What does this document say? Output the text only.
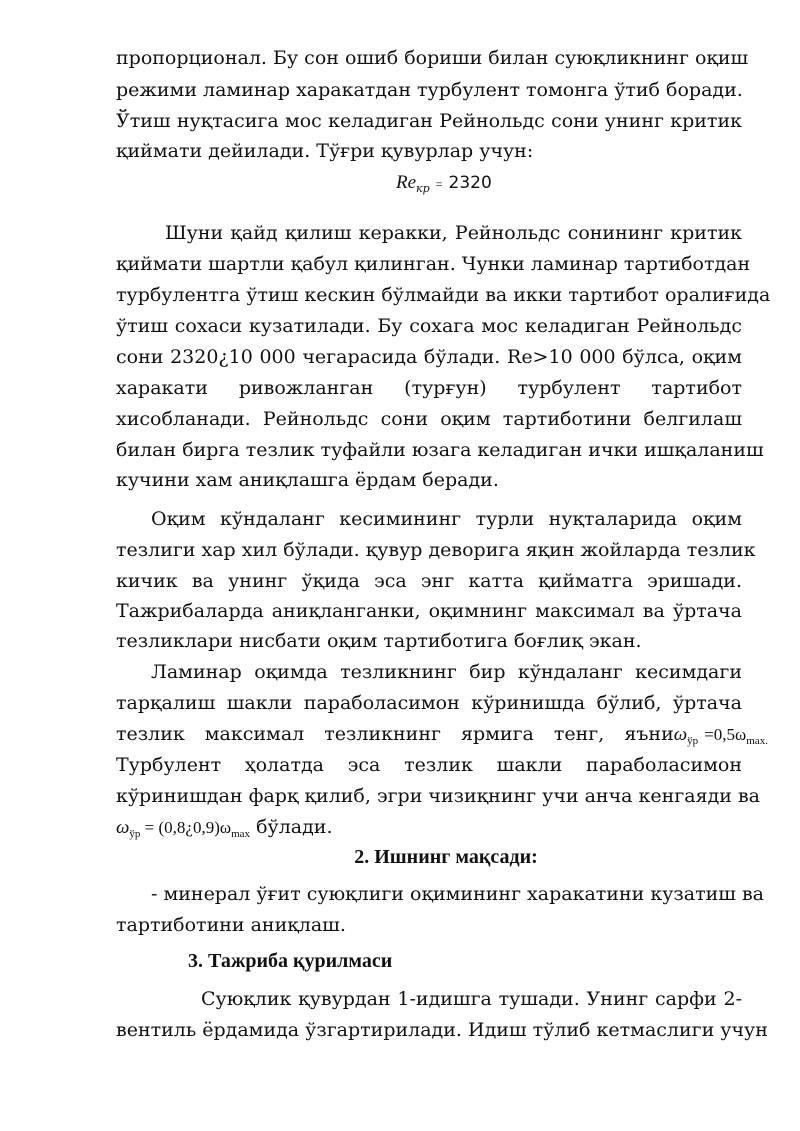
пропорционал. Бу сон ошиб бориши билан суюқликнинг оқиш
режими ламинар харакатдан турбулент томонга ўтиб боради.
Ўтиш нуқтасига мос келадиган Рейнольдс сони унинг критик
қиймати дейилади. Тўғри қувурлар учун:
$Re_{кр} = 2320$
Шуни қайд қилиш керакки, Рейнольдс сонининг критик
қиймати шартли қабул қилинган. Чунки ламинар тартиботдан
турбулентга ўтиш кескин бўлмайди ва икки тартибот оралиғида
ўтиш сохаси кузатилади. Бу сохага мос келадиган Рейнольдс
сони 2320¿10 000 чегарасида бўлади. Re>10 000 бўлса, оқим
харакати ривожланган (турғун) турбулент тартибот
хисобланади. Рейнольдс сони оқим тартиботини белгилаш
билан бирга тезлик туфайли юзага келадиган ички ишқаланиш
кучини хам аниқлашга ёрдам беради.
Оқим кўндаланг кесимининг турли нуқталарида оқим
тезлиги хар хил бўлади. қувур деворига яқин жойларда тезлик
кичик ва унинг ўқида эса энг катта қийматга эришади.
Тажрибаларда аниқланганки, оқимнинг максимал ва ўртача
тезликлари нисбати оқим тартиботига боғлиқ экан.
Ламинар оқимда тезликнинг бир кўндаланг кесимдаги
тарқалиш шакли параболасимон кўринишда бўлиб, ўртача
тезлик максимал тезликнинг ярмига тенг, яъни $\omega_{ўр} =0,5\omega_{max.}$
Турбулент ҳолатда эса тезлик шакли параболасимон
кўринишдан фарқ қилиб, эгри чизиқнинг учи анча кенгаяди ва
$\omega_{ўр}$ = $(0,8¿0,9)\omega_{max}$ бўлади.
2. Ишнинг мақсади:
- минерал ўғит суюқлиги оқимининг харакатини кузатиш ва
тартиботини аниқлаш.
3. Тажриба қурилмаси
Суюқлик қувурдан 1-идишга тушади. Унинг сарфи 2-
вентиль ёрдамида ўзгартирилади. Идиш тўлиб кетмаслиги учун
